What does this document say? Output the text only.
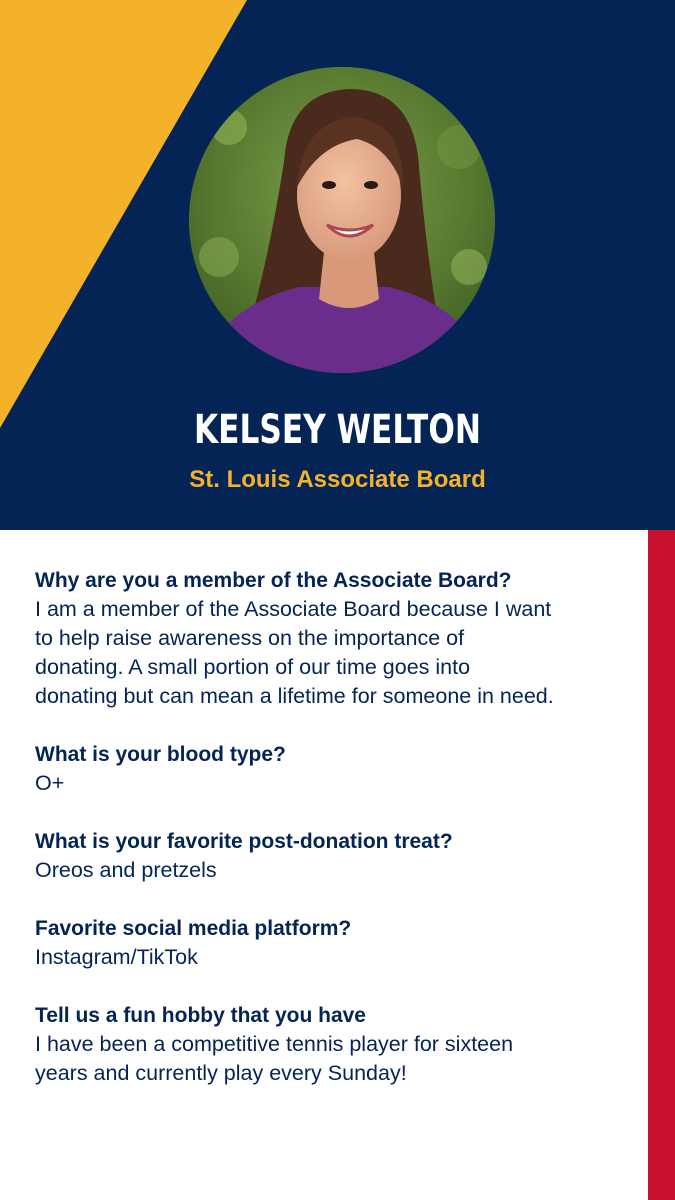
KELSEY WELTON
St. Louis Associate Board
Why are you a member of the Associate Board?
I am a member of the Associate Board because I want
to help raise awareness on the importance of
donating. A small portion of our time goes into
donating but can mean a lifetime for someone in need.
What is your blood type?
O+
What is your favorite post-donation treat?
Oreos and pretzels
Favorite social media platform?
Instagram/TikTok
Tell us a fun hobby that you have
I have been a competitive tennis player for sixteen
years and currently play every Sunday!
